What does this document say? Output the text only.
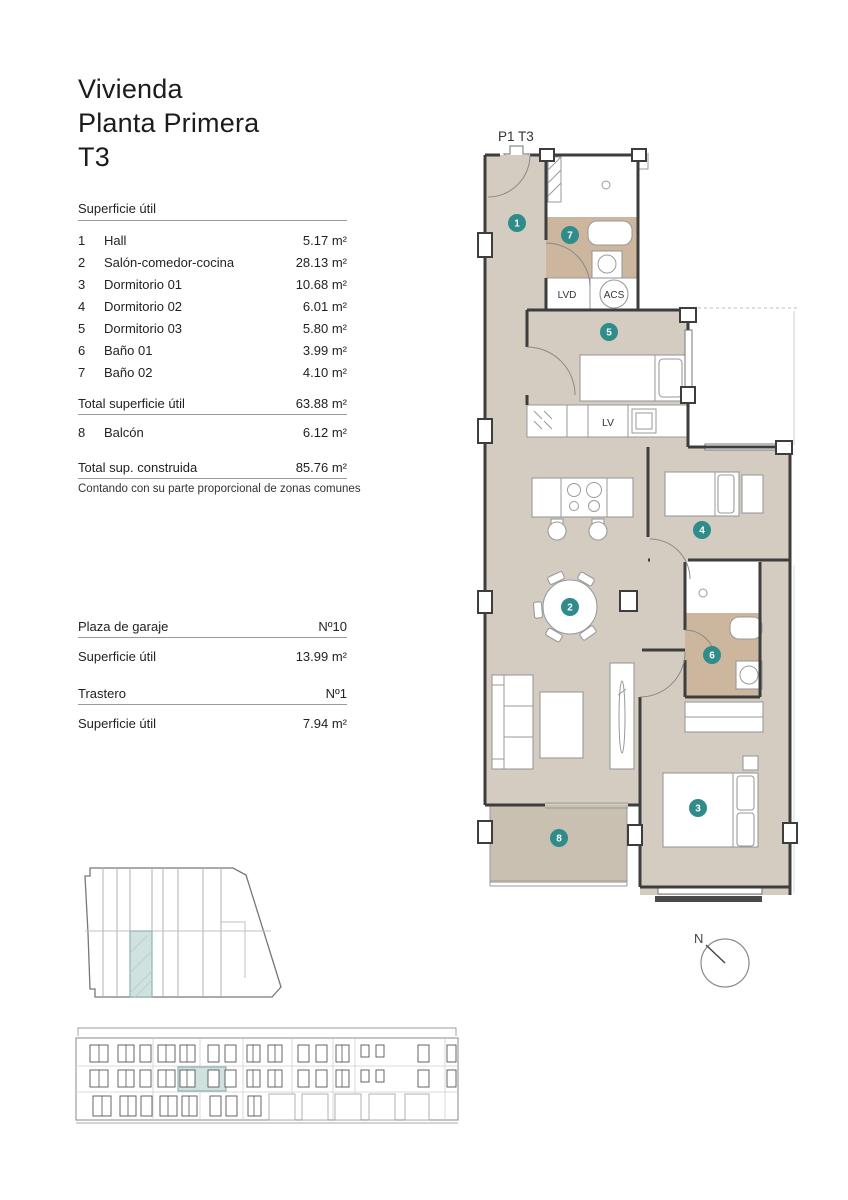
Vivienda
Planta Primera
T3
Superficie útil
1	Hall	5.17 m²
2	Salón-comedor-cocina	28.13 m²
3	Dormitorio 01	10.68 m²
4	Dormitorio 02	6.01 m²
5	Dormitorio 03	5.80 m²
6	Baño 01	3.99 m²
7	Baño 02	4.10 m²
Total superficie útil	63.88 m²
8	Balcón	6.12 m²
Total sup. construida	85.76 m²
Contando con su parte proporcional de zonas comunes
Plaza de garaje	Nº10
Superficie útil	13.99 m²
Trastero	Nº1
Superficie útil	7.94 m²
P1 T3
LVD	ACS
LV
1
7
5
2
4
6
3
8
N
